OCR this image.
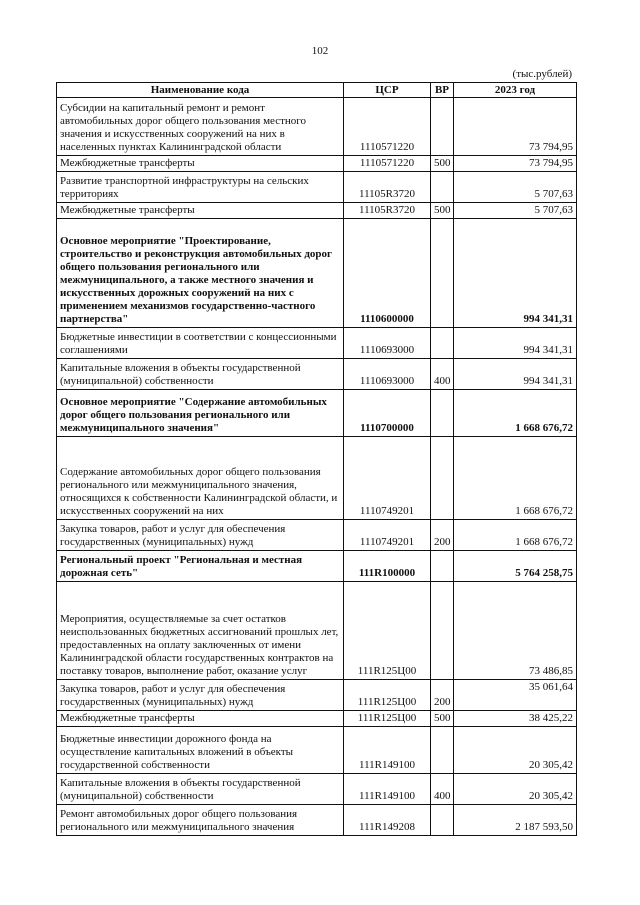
102
(тыс.рублей)
Наименование кода	ЦСР	ВР	2023 год
Субсидии на капитальный ремонт и ремонт автомобильных дорог общего пользования местного значения и искусственных сооружений на них в населенных пунктах Калининградской области	1110571220		73 794,95
Межбюджетные трансферты	1110571220	500	73 794,95
Развитие транспортной инфраструктуры на сельских территориях	11105R3720		5 707,63
Межбюджетные трансферты	11105R3720	500	5 707,63
Основное мероприятие "Проектирование, строительство и реконструкция автомобильных дорог общего пользования регионального или межмуниципального, а также местного значения и искусственных дорожных сооружений на них с применением механизмов государственно-частного партнерства"	1110600000		994 341,31
Бюджетные инвестиции в соответствии с концессионными соглашениями	1110693000		994 341,31
Капитальные вложения в объекты государственной (муниципальной) собственности	1110693000	400	994 341,31
Основное мероприятие "Содержание автомобильных дорог общего пользования регионального или межмуниципального значения"	1110700000		1 668 676,72
Содержание автомобильных дорог общего пользования регионального или межмуниципального значения, относящихся к собственности Калининградской области, и искусственных сооружений на них	1110749201		1 668 676,72
Закупка товаров, работ и услуг для обеспечения государственных (муниципальных) нужд	1110749201	200	1 668 676,72
Региональный проект "Региональная и местная дорожная сеть"	111R100000		5 764 258,75
Мероприятия, осуществляемые за счет остатков неиспользованных бюджетных ассигнований прошлых лет, предоставленных на оплату заключенных от имени Калининградской области государственных контрактов на поставку товаров, выполнение работ, оказание услуг	111R125Ц00		73 486,85
Закупка товаров, работ и услуг для обеспечения государственных (муниципальных) нужд	111R125Ц00	200	35 061,64
Межбюджетные трансферты	111R125Ц00	500	38 425,22
Бюджетные инвестиции дорожного фонда на осуществление капитальных вложений в объекты государственной собственности	111R149100		20 305,42
Капитальные вложения в объекты государственной (муниципальной) собственности	111R149100	400	20 305,42
Ремонт автомобильных дорог общего пользования регионального или межмуниципального значения	111R149208		2 187 593,50
